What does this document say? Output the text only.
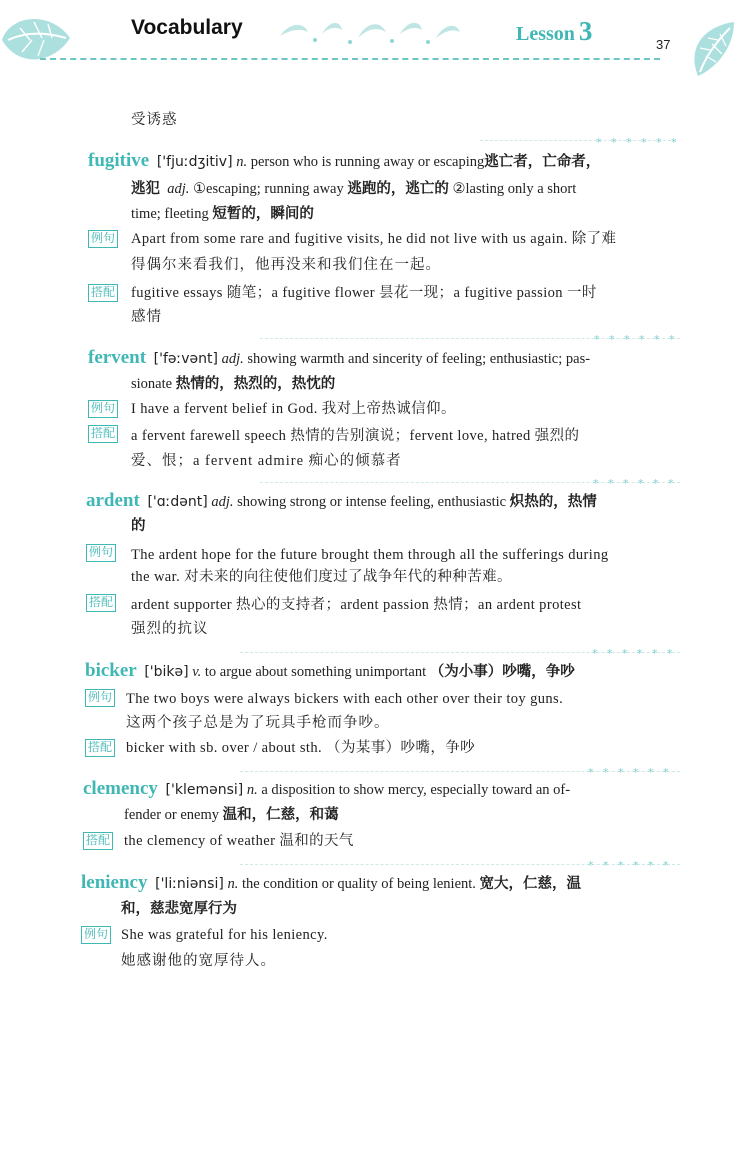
Vocabulary	Lesson 3	37
受诱惑
* * * * * *
fugitive ['fjuːdʒitiv] n. person who is running away or escaping逃亡者，亡命者，
逃犯 adj. ①escaping; running away 逃跑的，逃亡的 ②lasting only a short
time; fleeting 短暂的，瞬间的
例句 Apart from some rare and fugitive visits, he did not live with us again. 除了难
得偶尔来看我们，他再没来和我们住在一起。
搭配 fugitive essays 随笔；a fugitive flower 昙花一现；a fugitive passion 一时
感情
* * * * * *
fervent ['fəːvənt] adj. showing warmth and sincerity of feeling; enthusiastic; pas-
sionate 热情的，热烈的，热忱的
例句 I have a fervent belief in God. 我对上帝热诚信仰。
搭配 a fervent farewell speech 热情的告别演说；fervent love, hatred 强烈的
爱、恨；a fervent admire 痴心的倾慕者
* * * * * *
ardent ['ɑːdənt] adj. showing strong or intense feeling, enthusiastic 炽热的，热情
的
例句 The ardent hope for the future brought them through all the sufferings during
the war. 对未来的向往使他们度过了战争年代的种种苦难。
搭配 ardent supporter 热心的支持者；ardent passion 热情；an ardent protest
强烈的抗议
* * * * * *
bicker ['bikə] v. to argue about something unimportant （为小事）吵嘴，争吵
例句 The two boys were always bickers with each other over their toy guns.
这两个孩子总是为了玩具手枪而争吵。
搭配 bicker with sb. over / about sth. （为某事）吵嘴，争吵
* * * * * *
clemency ['klemənsi] n. a disposition to show mercy, especially toward an of-
fender or enemy 温和，仁慈，和蔼
搭配 the clemency of weather 温和的天气
* * * * * *
leniency ['liːniənsi] n. the condition or quality of being lenient. 宽大，仁慈，温
和，慈悲宽厚行为
例句 She was grateful for his leniency.
她感谢他的宽厚待人。
